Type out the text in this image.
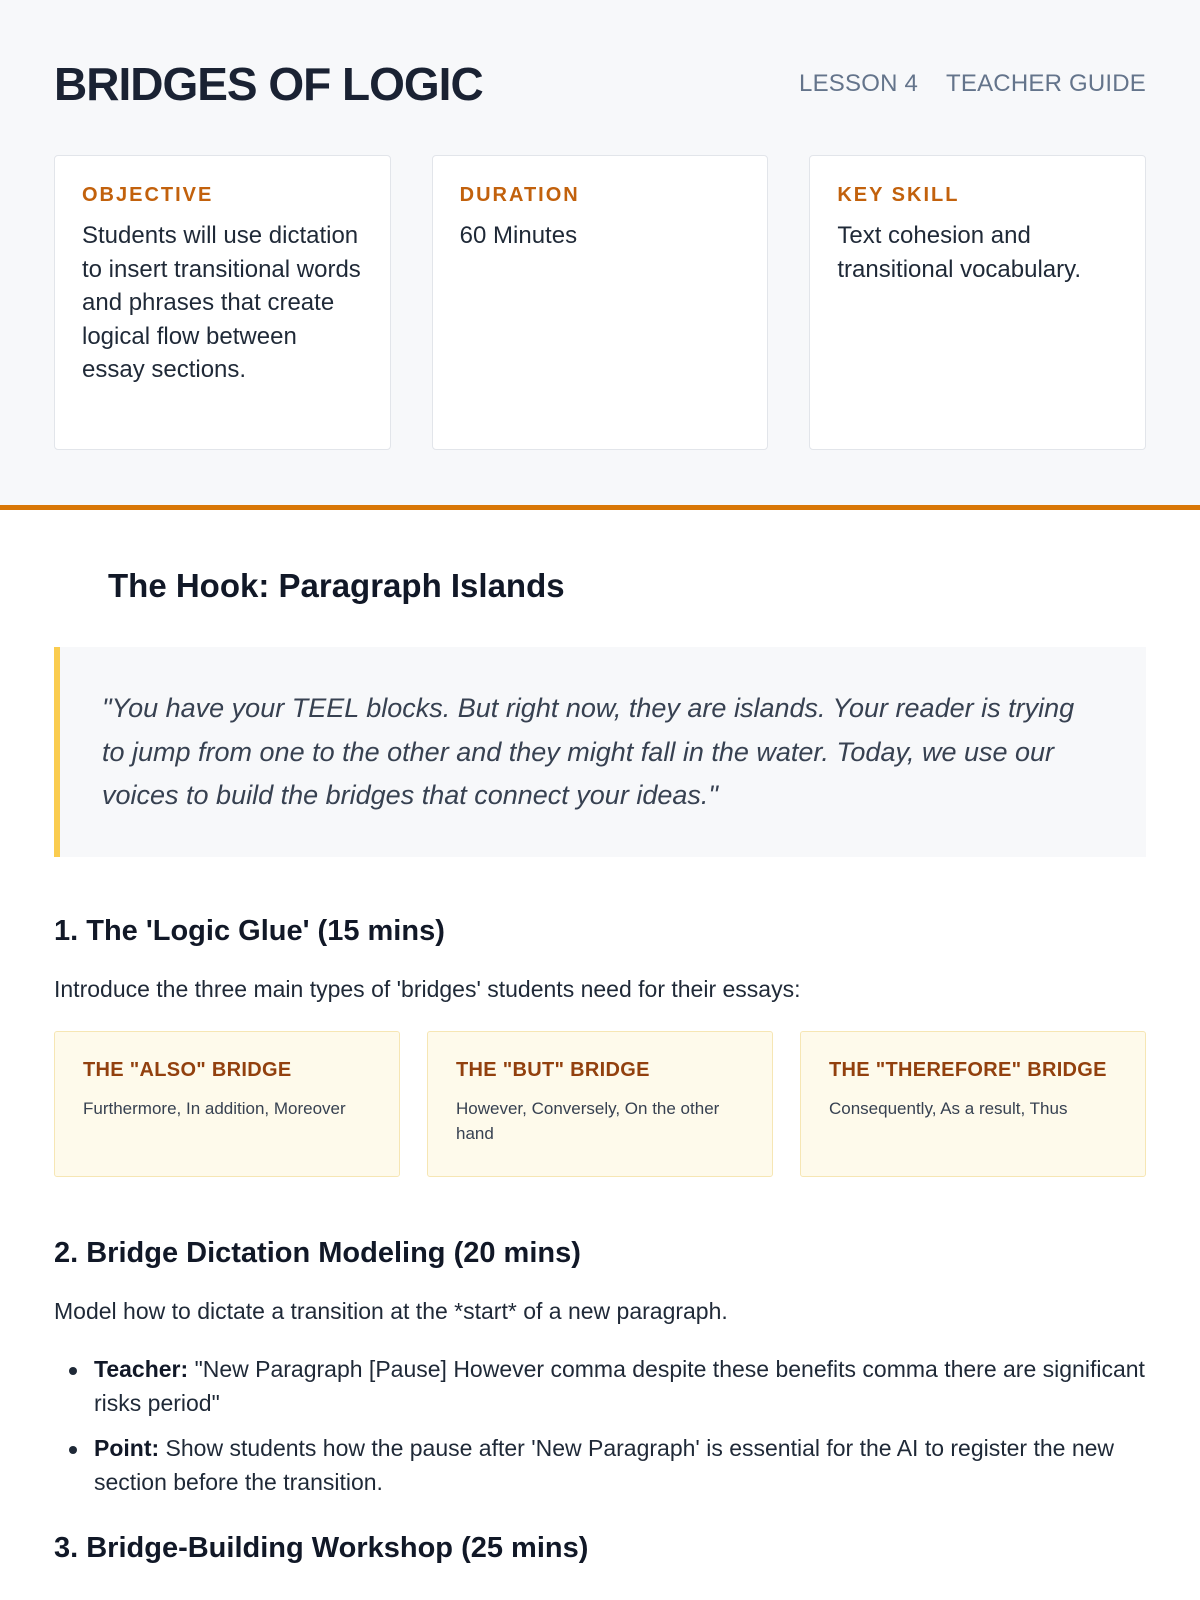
BRIDGES OF LOGIC	LESSON 4 TEACHER GUIDE
OBJECTIVE
Students will use dictation to insert transitional words and phrases that create logical flow between essay sections.
DURATION
60 Minutes
KEY SKILL
Text cohesion and transitional vocabulary.
The Hook: Paragraph Islands

"You have your TEEL blocks. But right now, they are islands. Your reader is trying to jump from one to the other and they might fall in the water. Today, we use our voices to build the bridges that connect your ideas."

1. The 'Logic Glue' (15 mins)

Introduce the three main types of 'bridges' students need for their essays:

THE "ALSO" BRIDGE
Furthermore, In addition, Moreover
THE "BUT" BRIDGE
However, Conversely, On the other hand
THE "THEREFORE" BRIDGE
Consequently, As a result, Thus
2. Bridge Dictation Modeling (20 mins)

Model how to dictate a transition at the *start* of a new paragraph.

Teacher: "New Paragraph [Pause] However comma despite these benefits comma there are significant risks period"
Point: Show students how the pause after 'New Paragraph' is essential for the AI to register the new section before the transition.
3. Bridge-Building Workshop (25 mins)
